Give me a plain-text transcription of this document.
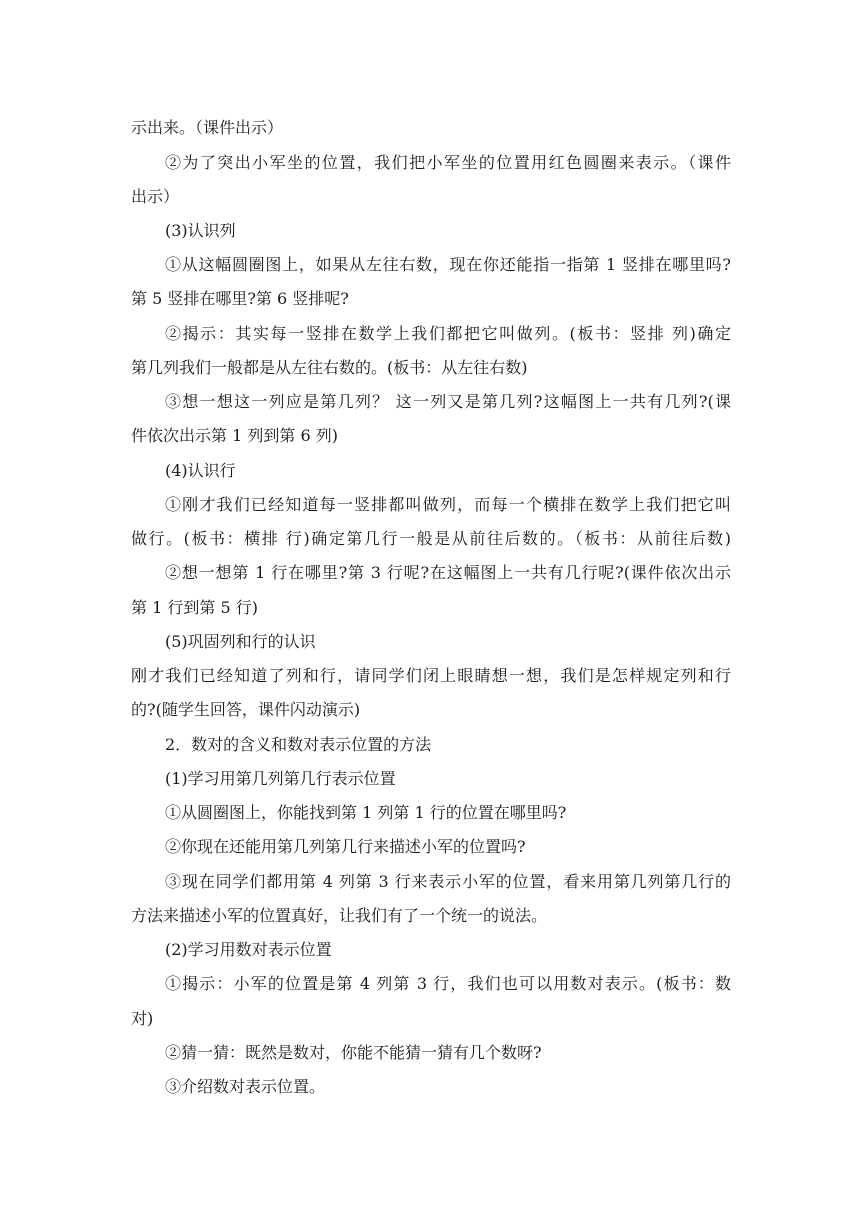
示出来。（课件出示）
②为了突出小军坐的位置，我们把小军坐的位置用红色圆圈来表示。（课件
出示）
(3)认识列
①从这幅圆圈图上，如果从左往右数，现在你还能指一指第 1 竖排在哪里吗?
第 5 竖排在哪里?第 6 竖排呢?
②揭示：其实每一竖排在数学上我们都把它叫做列。(板书：竖排 列)确定
第几列我们一般都是从左往右数的。(板书：从左往右数)
③想一想这一列应是第几列？ 这一列又是第几列?这幅图上一共有几列?(课
件依次出示第 1 列到第 6 列)
(4)认识行
①刚才我们已经知道每一竖排都叫做列，而每一个横排在数学上我们把它叫
做行。(板书：横排 行)确定第几行一般是从前往后数的。（板书：从前往后数)
②想一想第 1 行在哪里?第 3 行呢?在这幅图上一共有几行呢?(课件依次出示
第 1 行到第 5 行)
(5)巩固列和行的认识
刚才我们已经知道了列和行，请同学们闭上眼睛想一想，我们是怎样规定列和行
的?(随学生回答，课件闪动演示)
2．数对的含义和数对表示位置的方法
(1)学习用第几列第几行表示位置
①从圆圈图上，你能找到第 1 列第 1 行的位置在哪里吗?
②你现在还能用第几列第几行来描述小军的位置吗?
③现在同学们都用第 4 列第 3 行来表示小军的位置，看来用第几列第几行的
方法来描述小军的位置真好，让我们有了一个统一的说法。
(2)学习用数对表示位置
①揭示：小军的位置是第 4 列第 3 行，我们也可以用数对表示。(板书：数
对)
②猜一猜：既然是数对，你能不能猜一猜有几个数呀?
③介绍数对表示位置。
